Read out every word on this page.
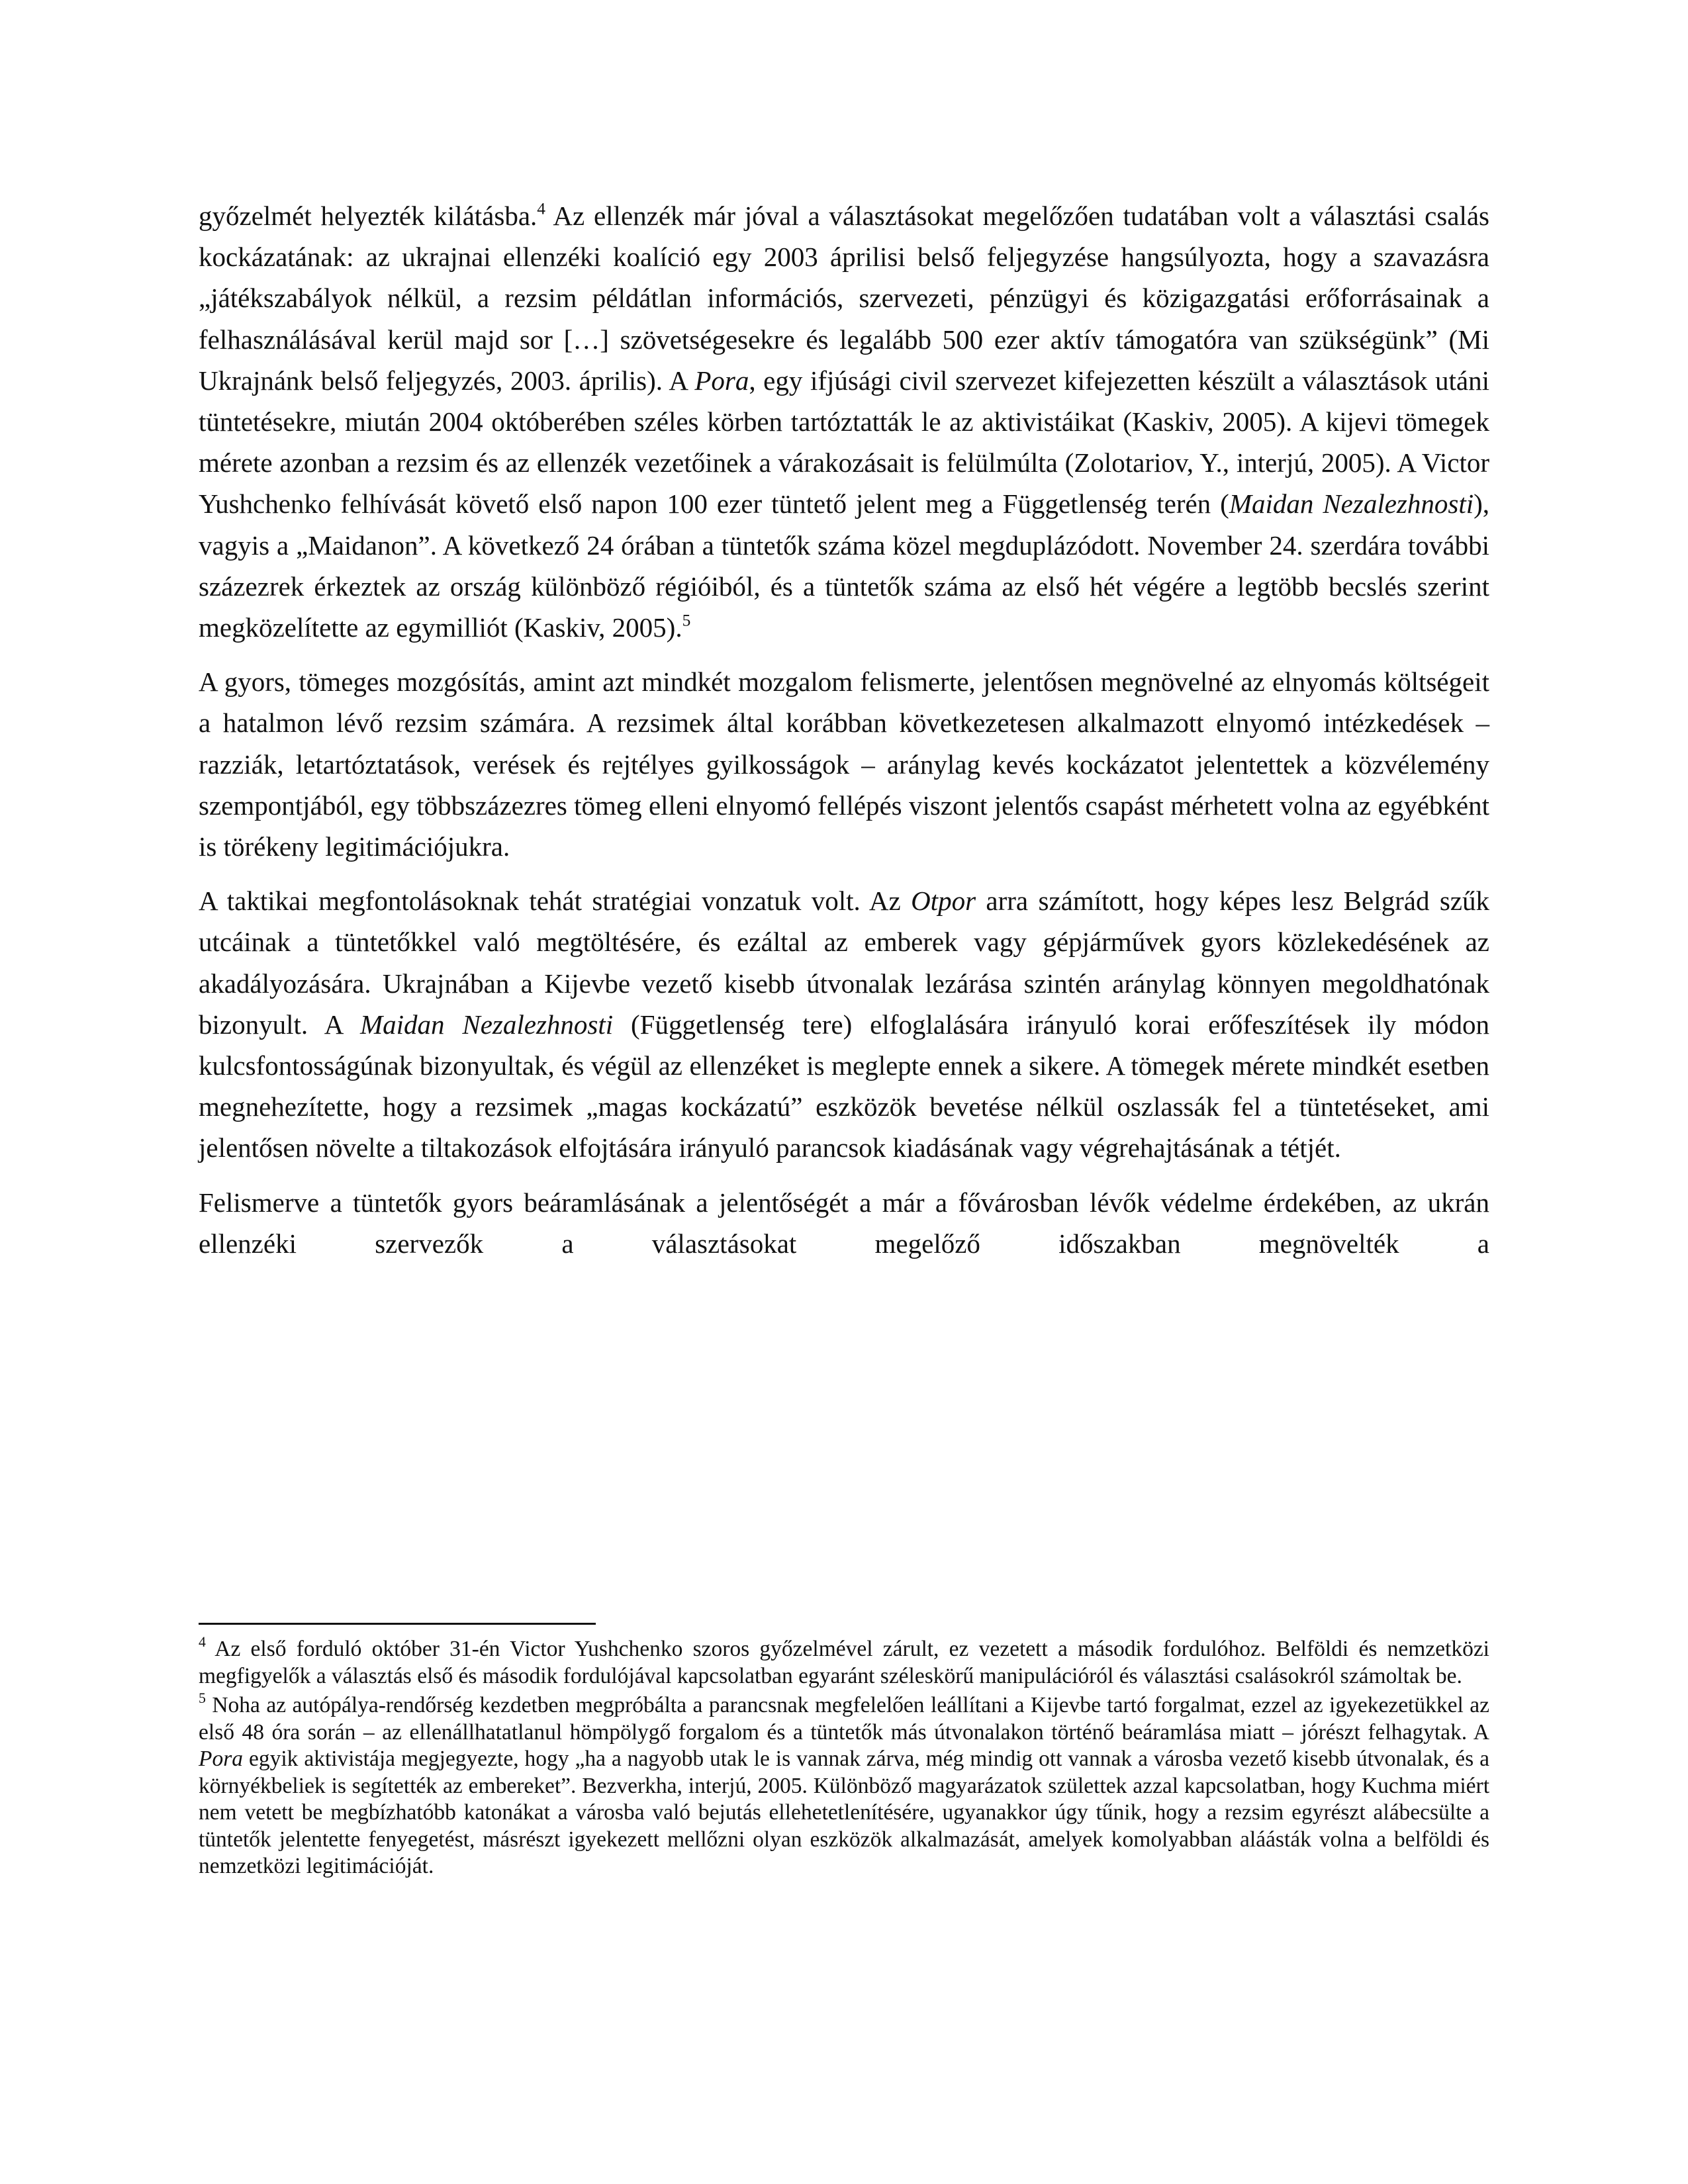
győzelmét helyezték kilátásba.$^4$ Az ellenzék már jóval a választásokat megelőzően tudatában volt a választási csalás kockázatának: az ukrajnai ellenzéki koalíció egy 2003 áprilisi belső feljegyzése hangsúlyozta, hogy a szavazásra „játékszabályok nélkül, a rezsim példátlan információs, szervezeti, pénzügyi és közigazgatási erőforrásainak a felhasználásával kerül majd sor […] szövetségesekre és legalább 500 ezer aktív támogatóra van szükségünk” (Mi Ukrajnánk belső feljegyzés, 2003. április). A Pora, egy ifjúsági civil szervezet kifejezetten készült a választások utáni tüntetésekre, miután 2004 októberében széles körben tartóztatták le az aktivistáikat (Kaskiv, 2005). A kijevi tömegek mérete azonban a rezsim és az ellenzék vezetőinek a várakozásait is felülmúlta (Zolotariov, Y., interjú, 2005). A Victor Yushchenko felhívását követő első napon 100 ezer tüntető jelent meg a Függetlenség terén (Maidan Nezalezhnosti), vagyis a „Maidanon”. A következő 24 órában a tüntetők száma közel megduplázódott. November 24. szerdára további százezrek érkeztek az ország különböző régióiból, és a tüntetők száma az első hét végére a legtöbb becslés szerint megközelítette az egymilliót (Kaskiv, 2005).$^5$

A gyors, tömeges mozgósítás, amint azt mindkét mozgalom felismerte, jelentősen megnövelné az elnyomás költségeit a hatalmon lévő rezsim számára. A rezsimek által korábban következetesen alkalmazott elnyomó intézkedések – razziák, letartóztatások, verések és rejtélyes gyilkosságok – aránylag kevés kockázatot jelentettek a közvélemény szempontjából, egy többszázezres tömeg elleni elnyomó fellépés viszont jelentős csapást mérhetett volna az egyébként is törékeny legitimációjukra.

A taktikai megfontolásoknak tehát stratégiai vonzatuk volt. Az Otpor arra számított, hogy képes lesz Belgrád szűk utcáinak a tüntetőkkel való megtöltésére, és ezáltal az emberek vagy gépjárművek gyors közlekedésének az akadályozására. Ukrajnában a Kijevbe vezető kisebb útvonalak lezárása szintén aránylag könnyen megoldhatónak bizonyult. A Maidan Nezalezhnosti (Függetlenség tere) elfoglalására irányuló korai erőfeszítések ily módon kulcsfontosságúnak bizonyultak, és végül az ellenzéket is meglepte ennek a sikere. A tömegek mérete mindkét esetben megnehezítette, hogy a rezsimek „magas kockázatú” eszközök bevetése nélkül oszlassák fel a tüntetéseket, ami jelentősen növelte a tiltakozások elfojtására irányuló parancsok kiadásának vagy végrehajtásának a tétjét.

Felismerve a tüntetők gyors beáramlásának a jelentőségét a már a fővárosban lévők védelme érdekében, az ukrán ellenzéki szervezők a választásokat megelőző időszakban megnövelték a

$^4$ Az első forduló október 31-én Victor Yushchenko szoros győzelmével zárult, ez vezetett a második fordulóhoz. Belföldi és nemzetközi megfigyelők a választás első és második fordulójával kapcsolatban egyaránt széleskörű manipulációról és választási csalásokról számoltak be.

$^5$ Noha az autópálya-rendőrség kezdetben megpróbálta a parancsnak megfelelően leállítani a Kijevbe tartó forgalmat, ezzel az igyekezetükkel az első 48 óra során – az ellenállhatatlanul hömpölygő forgalom és a tüntetők más útvonalakon történő beáramlása miatt – jórészt felhagytak. A Pora egyik aktivistája megjegyezte, hogy „ha a nagyobb utak le is vannak zárva, még mindig ott vannak a városba vezető kisebb útvonalak, és a környékbeliek is segítették az embereket”. Bezverkha, interjú, 2005. Különböző magyarázatok születtek azzal kapcsolatban, hogy Kuchma miért nem vetett be megbízhatóbb katonákat a városba való bejutás ellehetetlenítésére, ugyanakkor úgy tűnik, hogy a rezsim egyrészt alábecsülte a tüntetők jelentette fenyegetést, másrészt igyekezett mellőzni olyan eszközök alkalmazását, amelyek komolyabban aláásták volna a belföldi és nemzetközi legitimációját.
